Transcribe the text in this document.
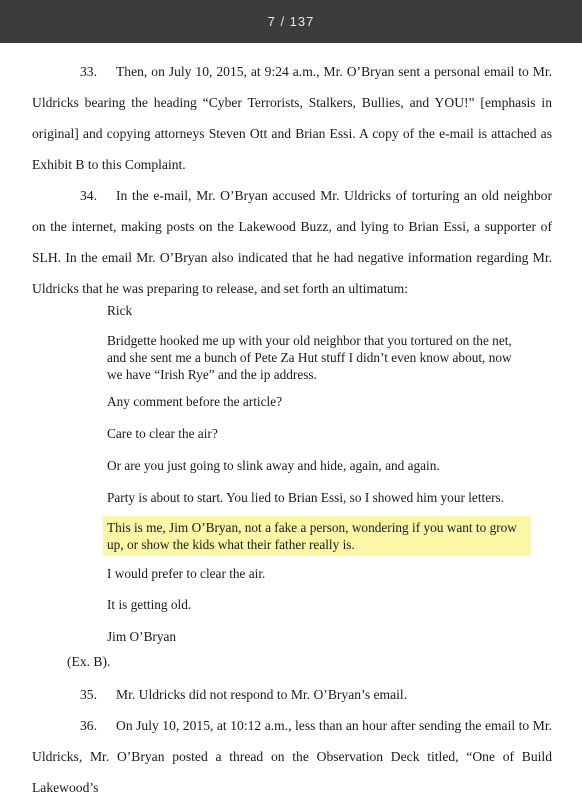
7 / 137
33. Then, on July 10, 2015, at 9:24 a.m., Mr. O’Bryan sent a personal email to Mr. Uldricks bearing the heading “Cyber Terrorists, Stalkers, Bullies, and YOU!” [emphasis in original] and copying attorneys Steven Ott and Brian Essi. A copy of the e-mail is attached as Exhibit B to this Complaint.
34. In the e-mail, Mr. O’Bryan accused Mr. Uldricks of torturing an old neighbor on the internet, making posts on the Lakewood Buzz, and lying to Brian Essi, a supporter of SLH. In the email Mr. O’Bryan also indicated that he had negative information regarding Mr. Uldricks that he was preparing to release, and set forth an ultimatum:
Rick
Bridgette hooked me up with your old neighbor that you tortured on the net, and she sent me a bunch of Pete Za Hut stuff I didn’t even know about, now we have “Irish Rye” and the ip address.
Any comment before the article?
Care to clear the air?
Or are you just going to slink away and hide, again, and again.
Party is about to start. You lied to Brian Essi, so I showed him your letters.
This is me, Jim O’Bryan, not a fake a person, wondering if you want to grow up, or show the kids what their father really is.
I would prefer to clear the air.
It is getting old.
Jim O’Bryan
(Ex. B).
35. Mr. Uldricks did not respond to Mr. O’Bryan’s email.
36. On July 10, 2015, at 10:12 a.m., less than an hour after sending the email to Mr. Uldricks, Mr. O’Bryan posted a thread on the Observation Deck titled, “One of Build Lakewood’s
